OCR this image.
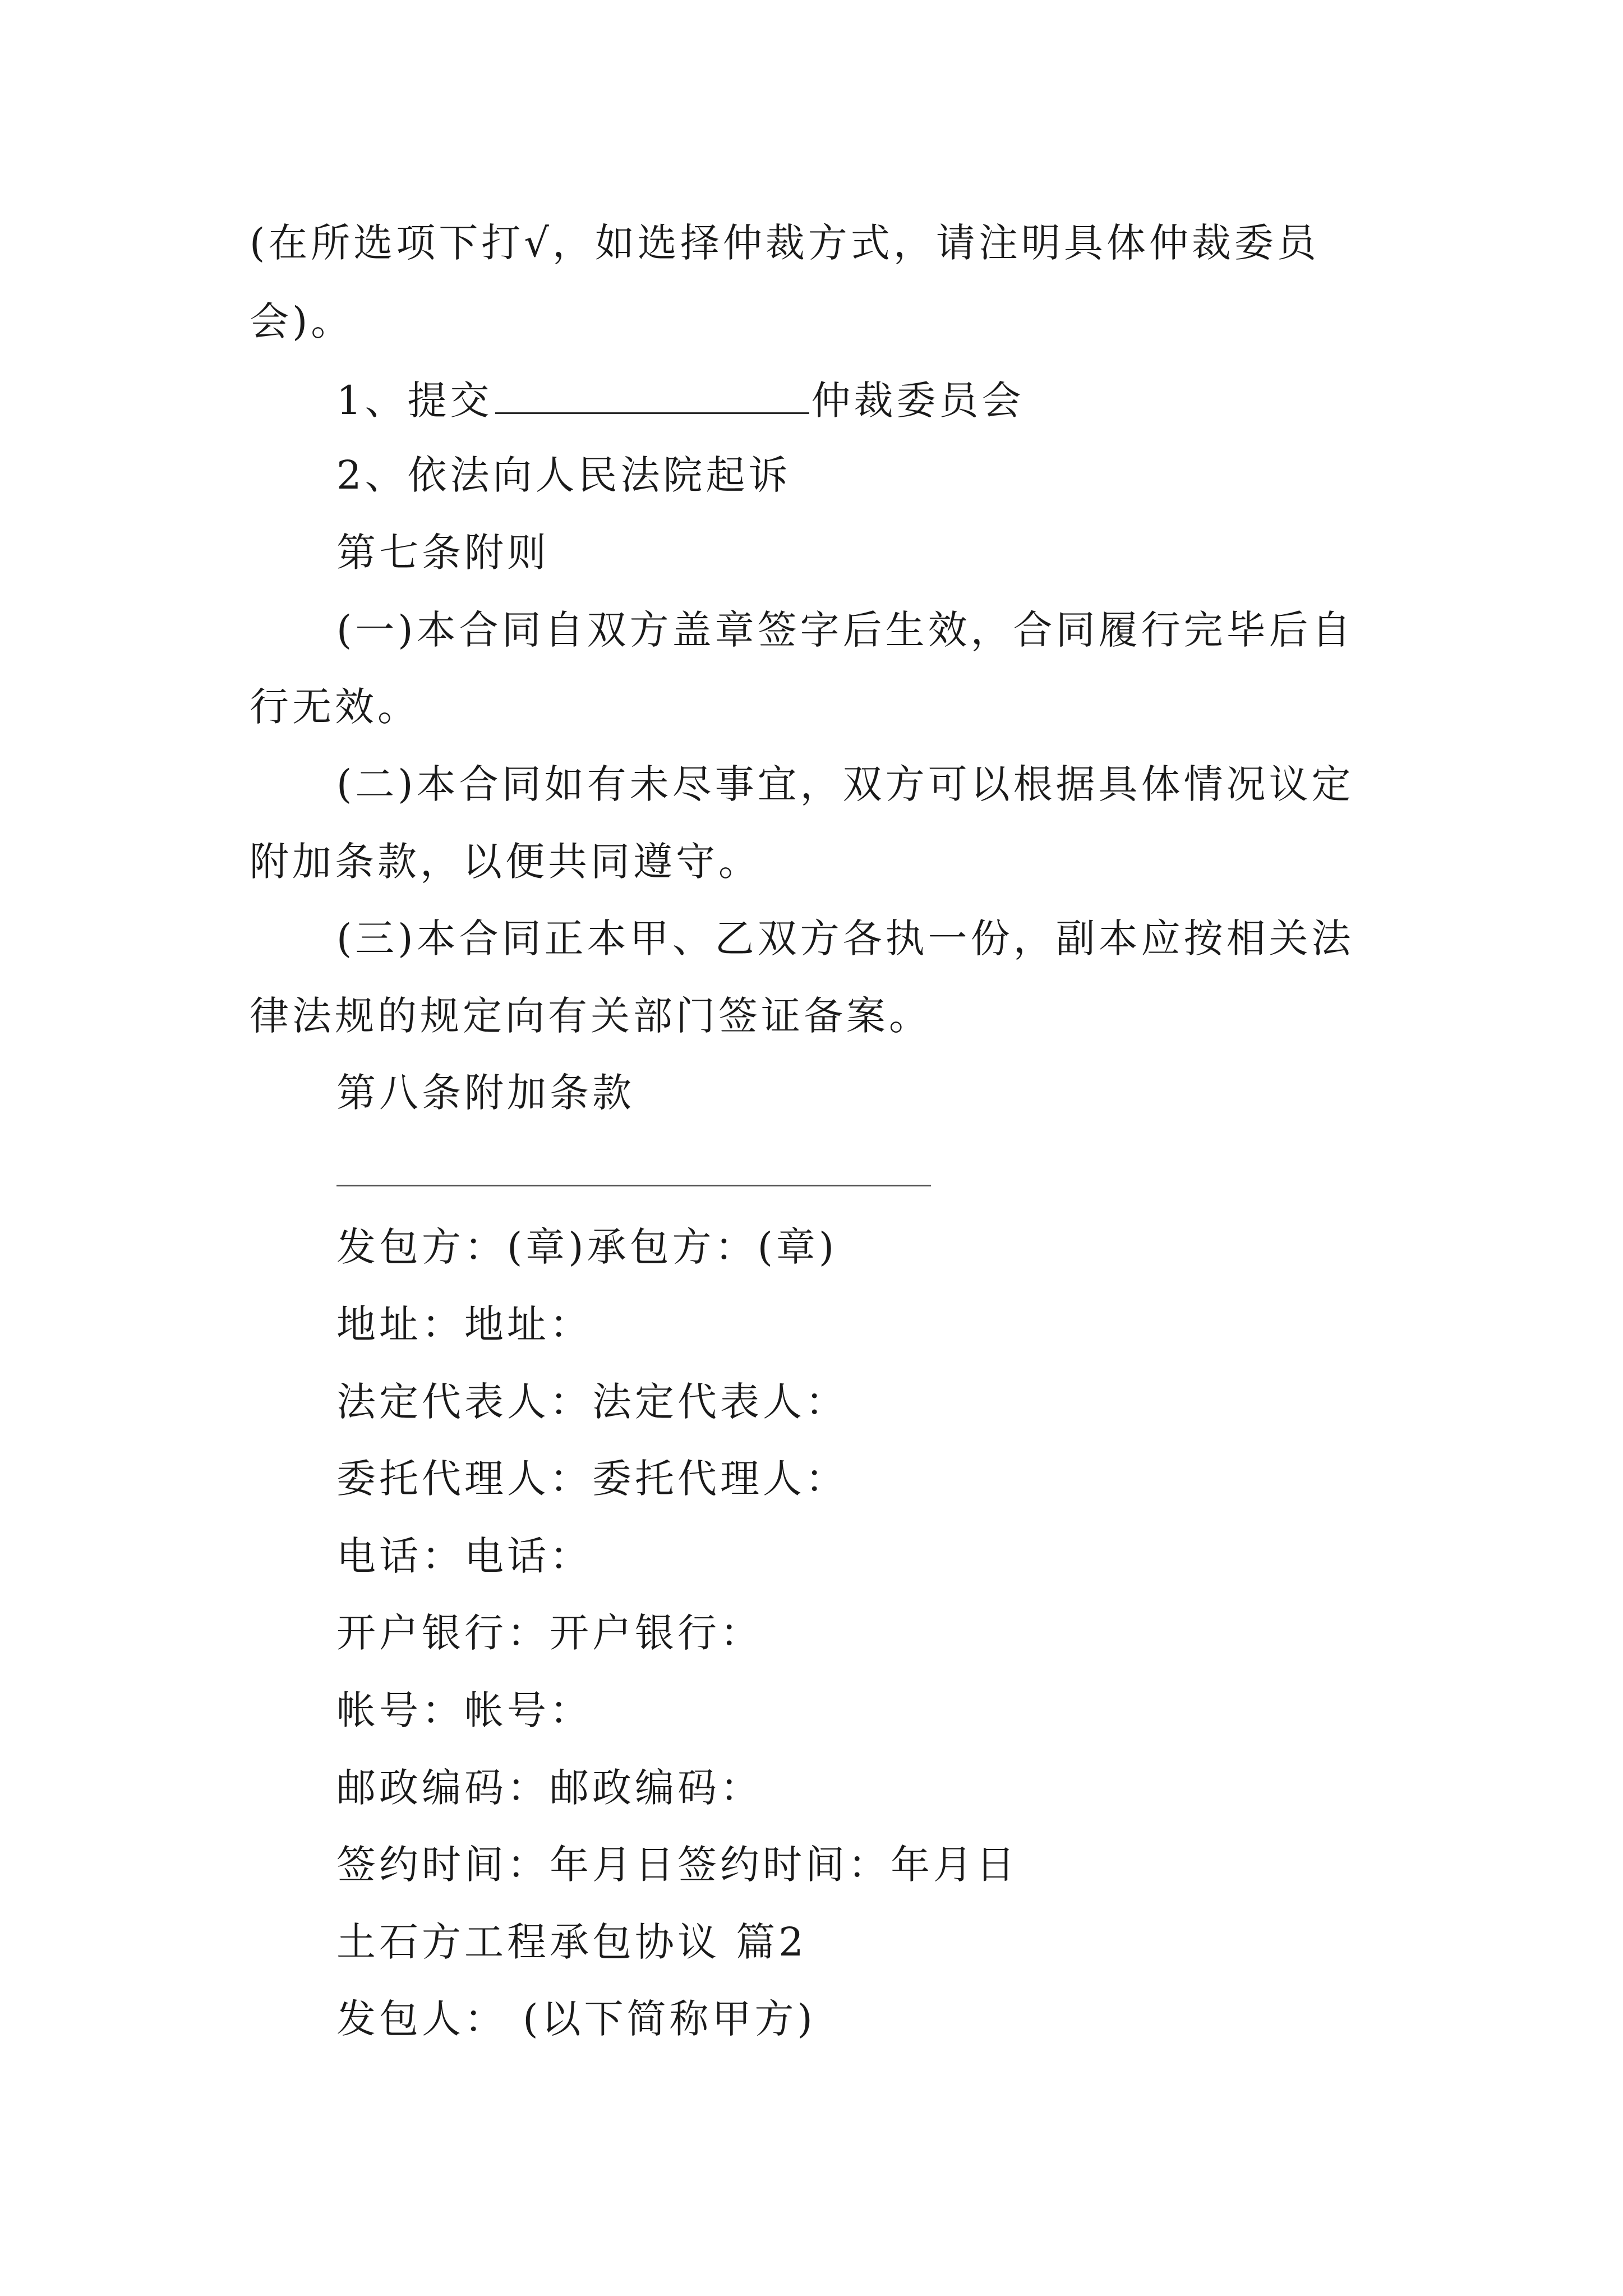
(在所选项下打√，如选择仲裁方式，请注明具体仲裁委员
会)。
1、提交	仲裁委员会
2、依法向人民法院起诉
第七条附则
(一)本合同自双方盖章签字后生效，合同履行完毕后自
行无效。
(二)本合同如有未尽事宜，双方可以根据具体情况议定
附加条款，以便共同遵守。
(三)本合同正本甲、乙双方各执一份，副本应按相关法
律法规的规定向有关部门签证备案。
第八条附加条款
发包方：(章)承包方：(章)
地址：地址：
法定代表人：法定代表人：
委托代理人：委托代理人：
电话：电话：
开户银行：开户银行：
帐号：帐号：
邮政编码：邮政编码：
签约时间：年月日签约时间：年月日
土石方工程承包协议 篇2
发包人： (以下简称甲方)
